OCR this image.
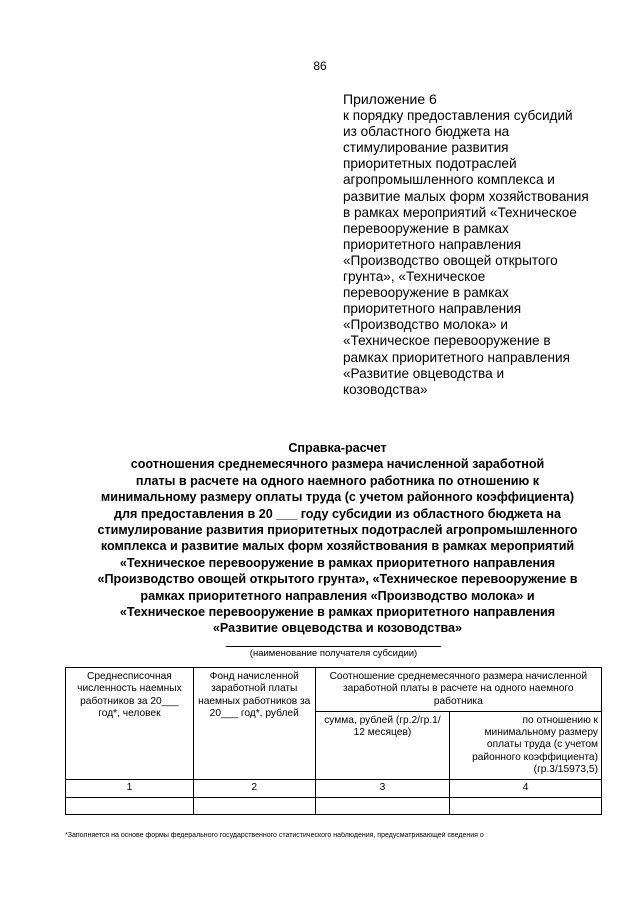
86
Приложение 6
к порядку предоставления субсидий
из областного бюджета на
стимулирование развития
приоритетных подотраслей
агропромышленного комплекса и
развитие малых форм хозяйствования
в рамках мероприятий «Техническое
перевооружение в рамках
приоритетного направления
«Производство овощей открытого
грунта», «Техническое
перевооружение в рамках
приоритетного направления
«Производство молока» и
«Техническое перевооружение в
рамках приоритетного направления
«Развитие овцеводства и
козоводства»
Справка-расчет
соотношения среднемесячного размера начисленной заработной
платы в расчете на одного наемного работника по отношению к
минимальному размеру оплаты труда (с учетом районного коэффициента)
для предоставления в 20 ___ году субсидии из областного бюджета на
стимулирование развития приоритетных подотраслей агропромышленного
комплекса и развитие малых форм хозяйствования в рамках мероприятий
«Техническое перевооружение в рамках приоритетного направления
«Производство овощей открытого грунта», «Техническое перевооружение в
рамках приоритетного направления «Производство молока» и
«Техническое перевооружение в рамках приоритетного направления
«Развитие овцеводства и козоводства»
(наименование получателя субсидии)
Среднесписочная численность наемных работников за 20___ год*, человек	Фонд начисленной заработной платы наемных работников за 20___ год*, рублей	Соотношение среднемесячного размера начисленной заработной платы в расчете на одного наемного работника	
		сумма, рублей (гр.2/гр.1/ 12 месяцев)	по отношению к минимальному размеру оплаты труда (с учетом районного коэффициента) (гр.3/15973,5)
1	2	3	4

*Заполняется на основе формы федерального государственного статистического наблюдения, предусматривающей сведения о
